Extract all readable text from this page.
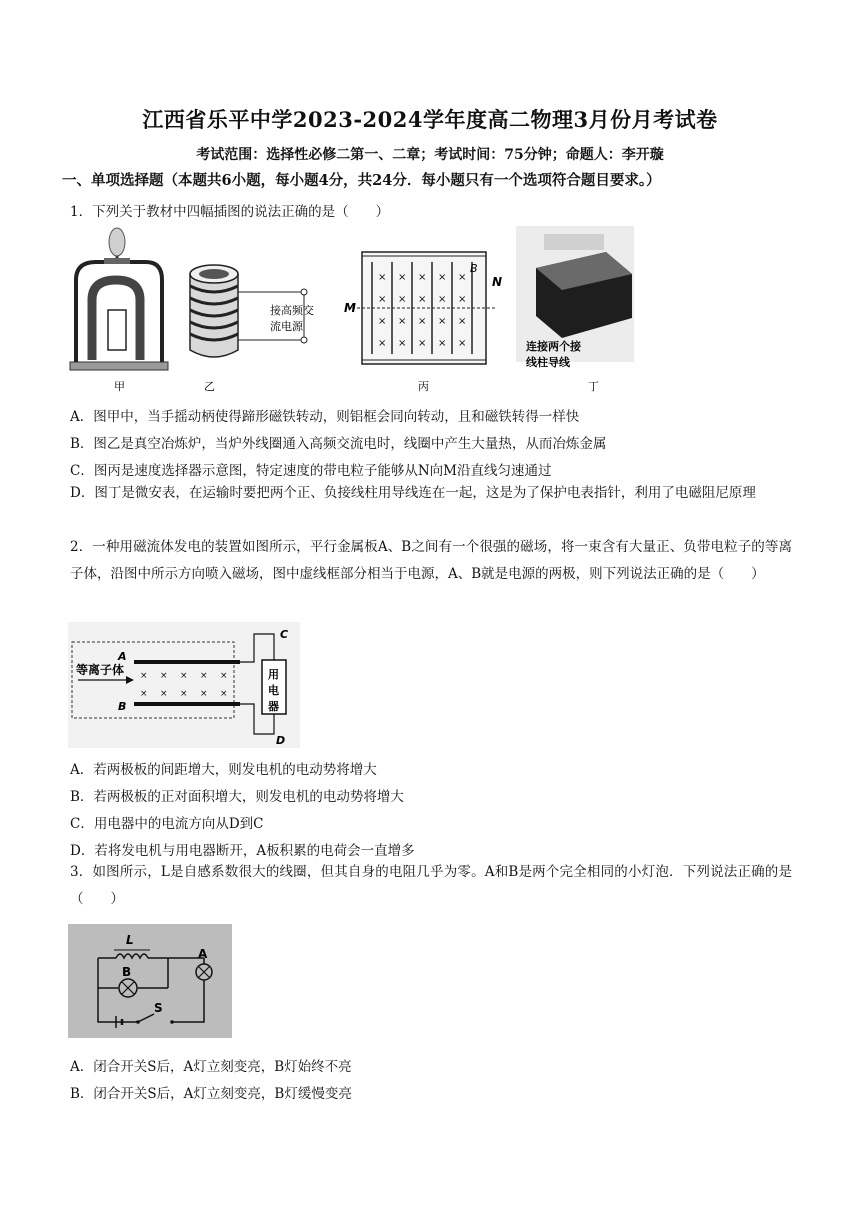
江西省乐平中学2023-2024学年度高二物理3月份月考试卷
考试范围：选择性必修二第一、二章；考试时间：75分钟；命题人：李开璇
一、单项选择题（本题共6小题，每小题4分，共24分．每小题只有一个选项符合题目要求。）
1．下列关于教材中四幅插图的说法正确的是（　　）
甲
接高频交
流电源
乙
× × × × ×
× × × × ×
× × × × ×
× × × × ×
M
N
B
丙
连接两个接
线柱导线
丁
A．图甲中，当手摇动柄使得蹄形磁铁转动，则铝框会同向转动，且和磁铁转得一样快
B．图乙是真空冶炼炉，当炉外线圈通入高频交流电时，线圈中产生大量热，从而冶炼金属
C．图丙是速度选择器示意图，特定速度的带电粒子能够从N向M沿直线匀速通过
D．图丁是微安表，在运输时要把两个正、负接线柱用导线连在一起，这是为了保护电表指针，利用了电磁阻尼原理
2．一种用磁流体发电的装置如图所示，平行金属板A、B之间有一个很强的磁场，将一束含有大量正、负带电粒子的等离子体，沿图中所示方向喷入磁场，图中虚线框部分相当于电源，A、B就是电源的两极，则下列说法正确的是（　　）
× × × × ×
× × × × ×
用
电
器
等离子体
A
B
C
D
A．若两极板的间距增大，则发电机的电动势将增大
B．若两极板的正对面积增大，则发电机的电动势将增大
C．用电器中的电流方向从D到C
D．若将发电机与用电器断开，A板积累的电荷会一直增多
3．如图所示，L是自感系数很大的线圈，但其自身的电阻几乎为零。A和B是两个完全相同的小灯泡．下列说法正确的是（　　）
L
A
B
S
A．闭合开关S后，A灯立刻变亮，B灯始终不亮
B．闭合开关S后，A灯立刻变亮，B灯缓慢变亮
